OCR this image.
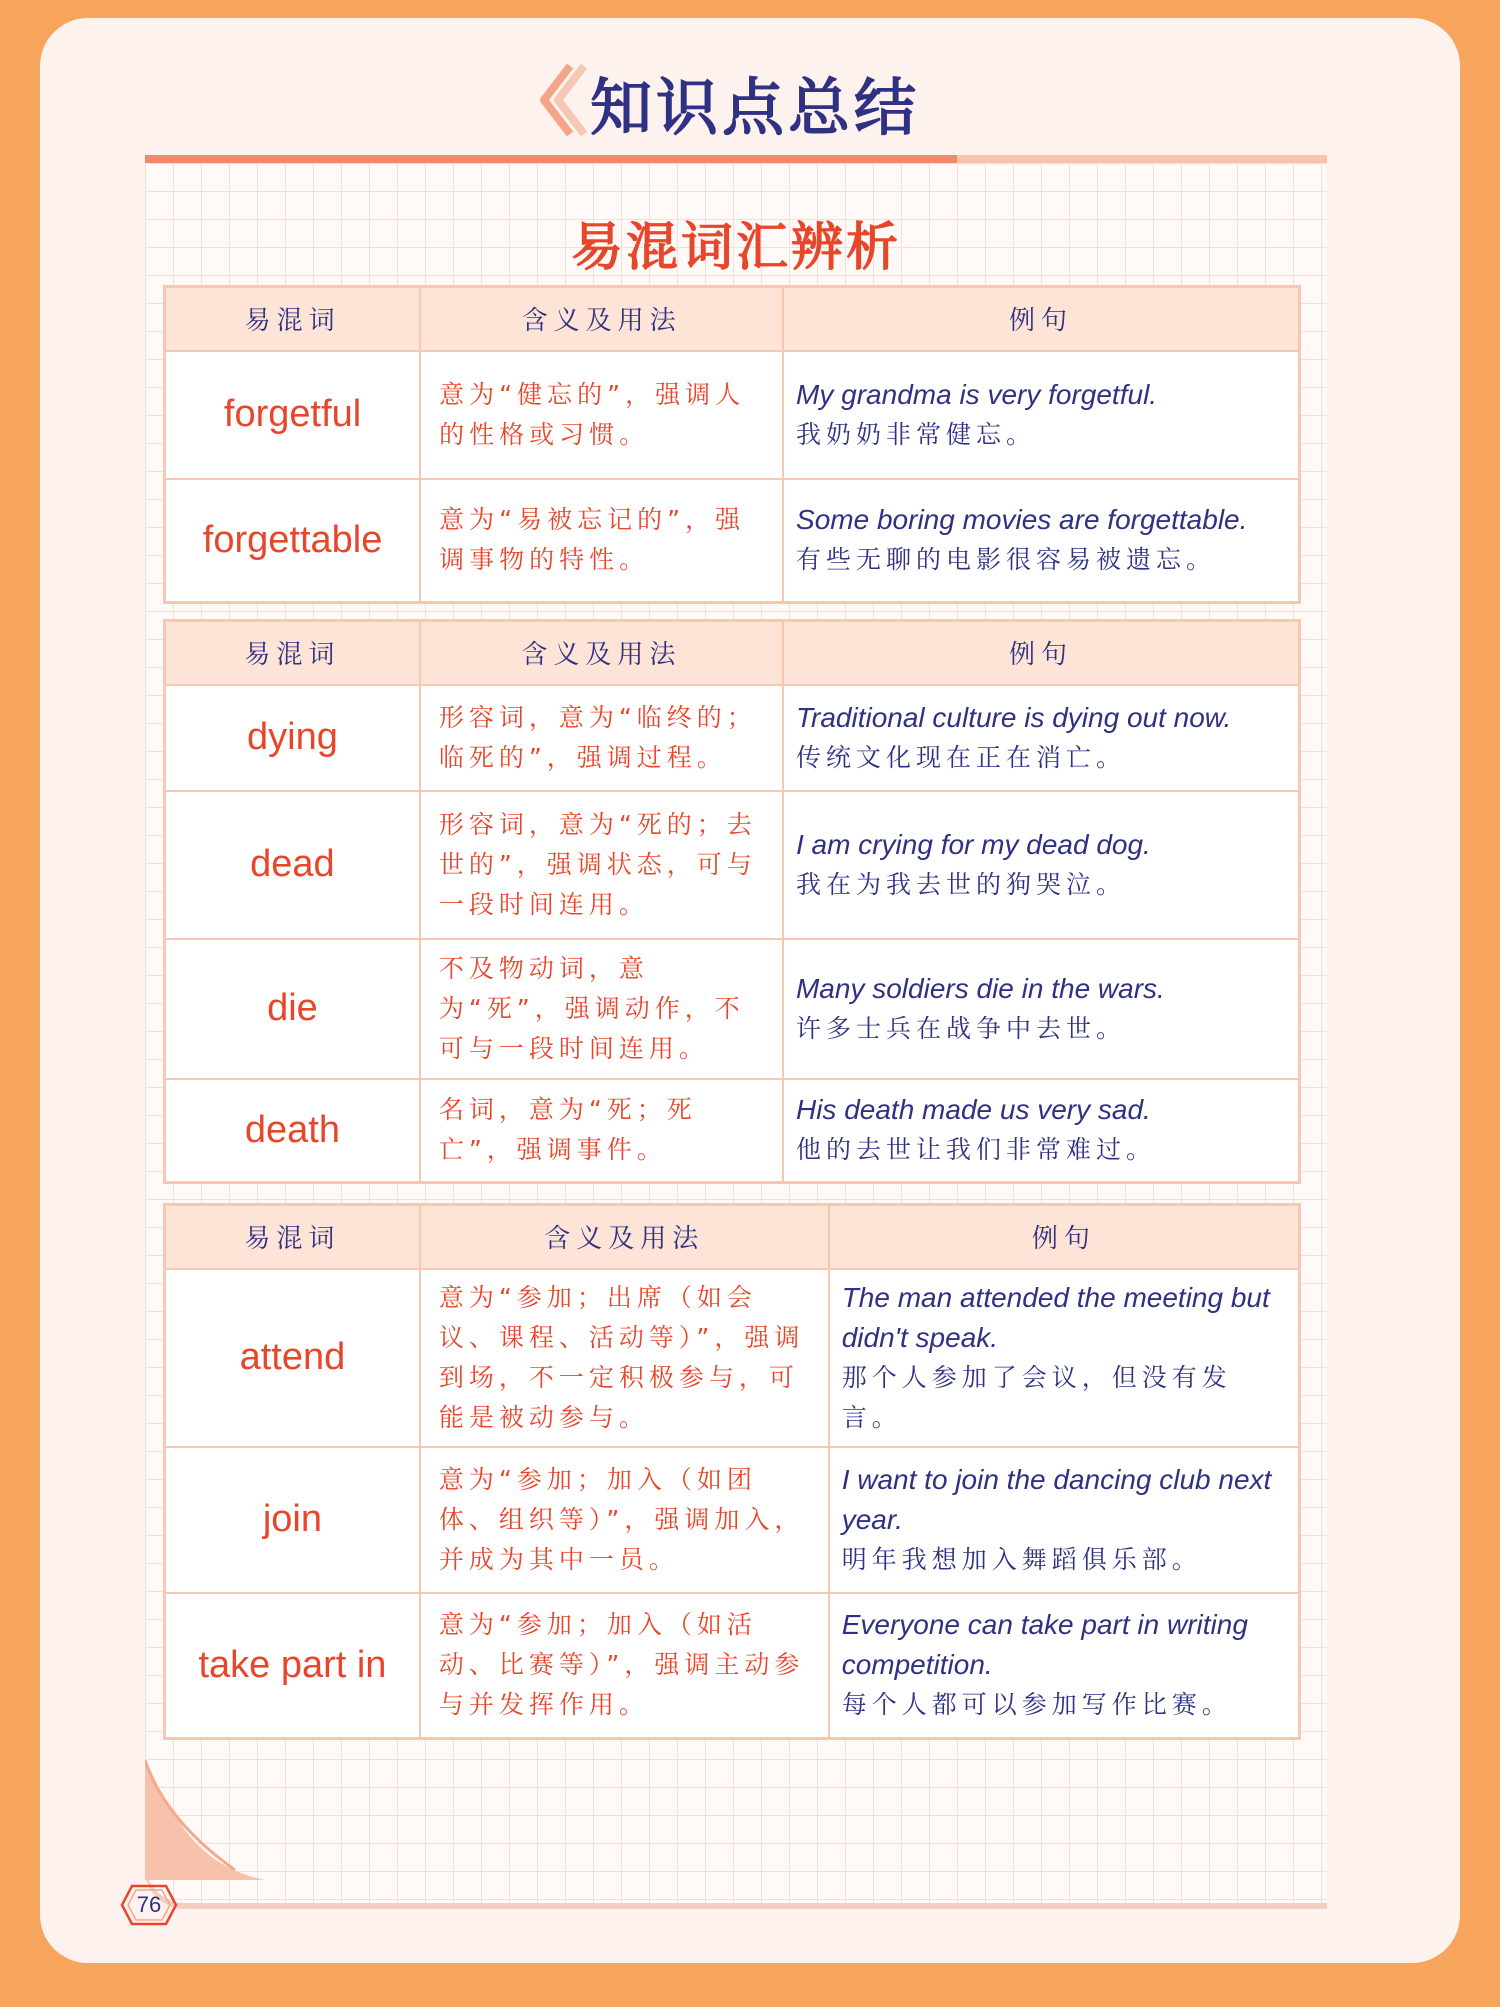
知识点总结
易混词汇辨析
易混词	含义及用法	例句
forgetful	意为“健忘的”，强调人的性格或习惯。	My grandma is very forgetful.
我奶奶非常健忘。

forgettable	意为“易被忘记的”，强调事物的特性。	Some boring movies are forgettable.
有些无聊的电影很容易被遗忘。
易混词	含义及用法	例句
dying	形容词，意为“临终的；临死的”，强调过程。	Traditional culture is dying out now.
传统文化现在正在消亡。

dead	形容词，意为“死的；去世的”，强调状态，可与一段时间连用。	I am crying for my dead dog.
我在为我去世的狗哭泣。

die	不及物动词，意为“死”，强调动作，不可与一段时间连用。	Many soldiers die in the wars.
许多士兵在战争中去世。

death	名词，意为“死；死亡”，强调事件。	His death made us very sad.
他的去世让我们非常难过。
易混词	含义及用法	例句
attend	意为“参加；出席（如会议、课程、活动等）”，强调到场，不一定积极参与，可能是被动参与。	The man attended the meeting but didn't speak.
那个人参加了会议，但没有发言。

join	意为“参加；加入（如团体、组织等）”，强调加入，并成为其中一员。	I want to join the dancing club next year.
明年我想加入舞蹈俱乐部。

take part in	意为“参加；加入（如活动、比赛等）”，强调主动参与并发挥作用。	Everyone can take part in writing competition.
每个人都可以参加写作比赛。
76
